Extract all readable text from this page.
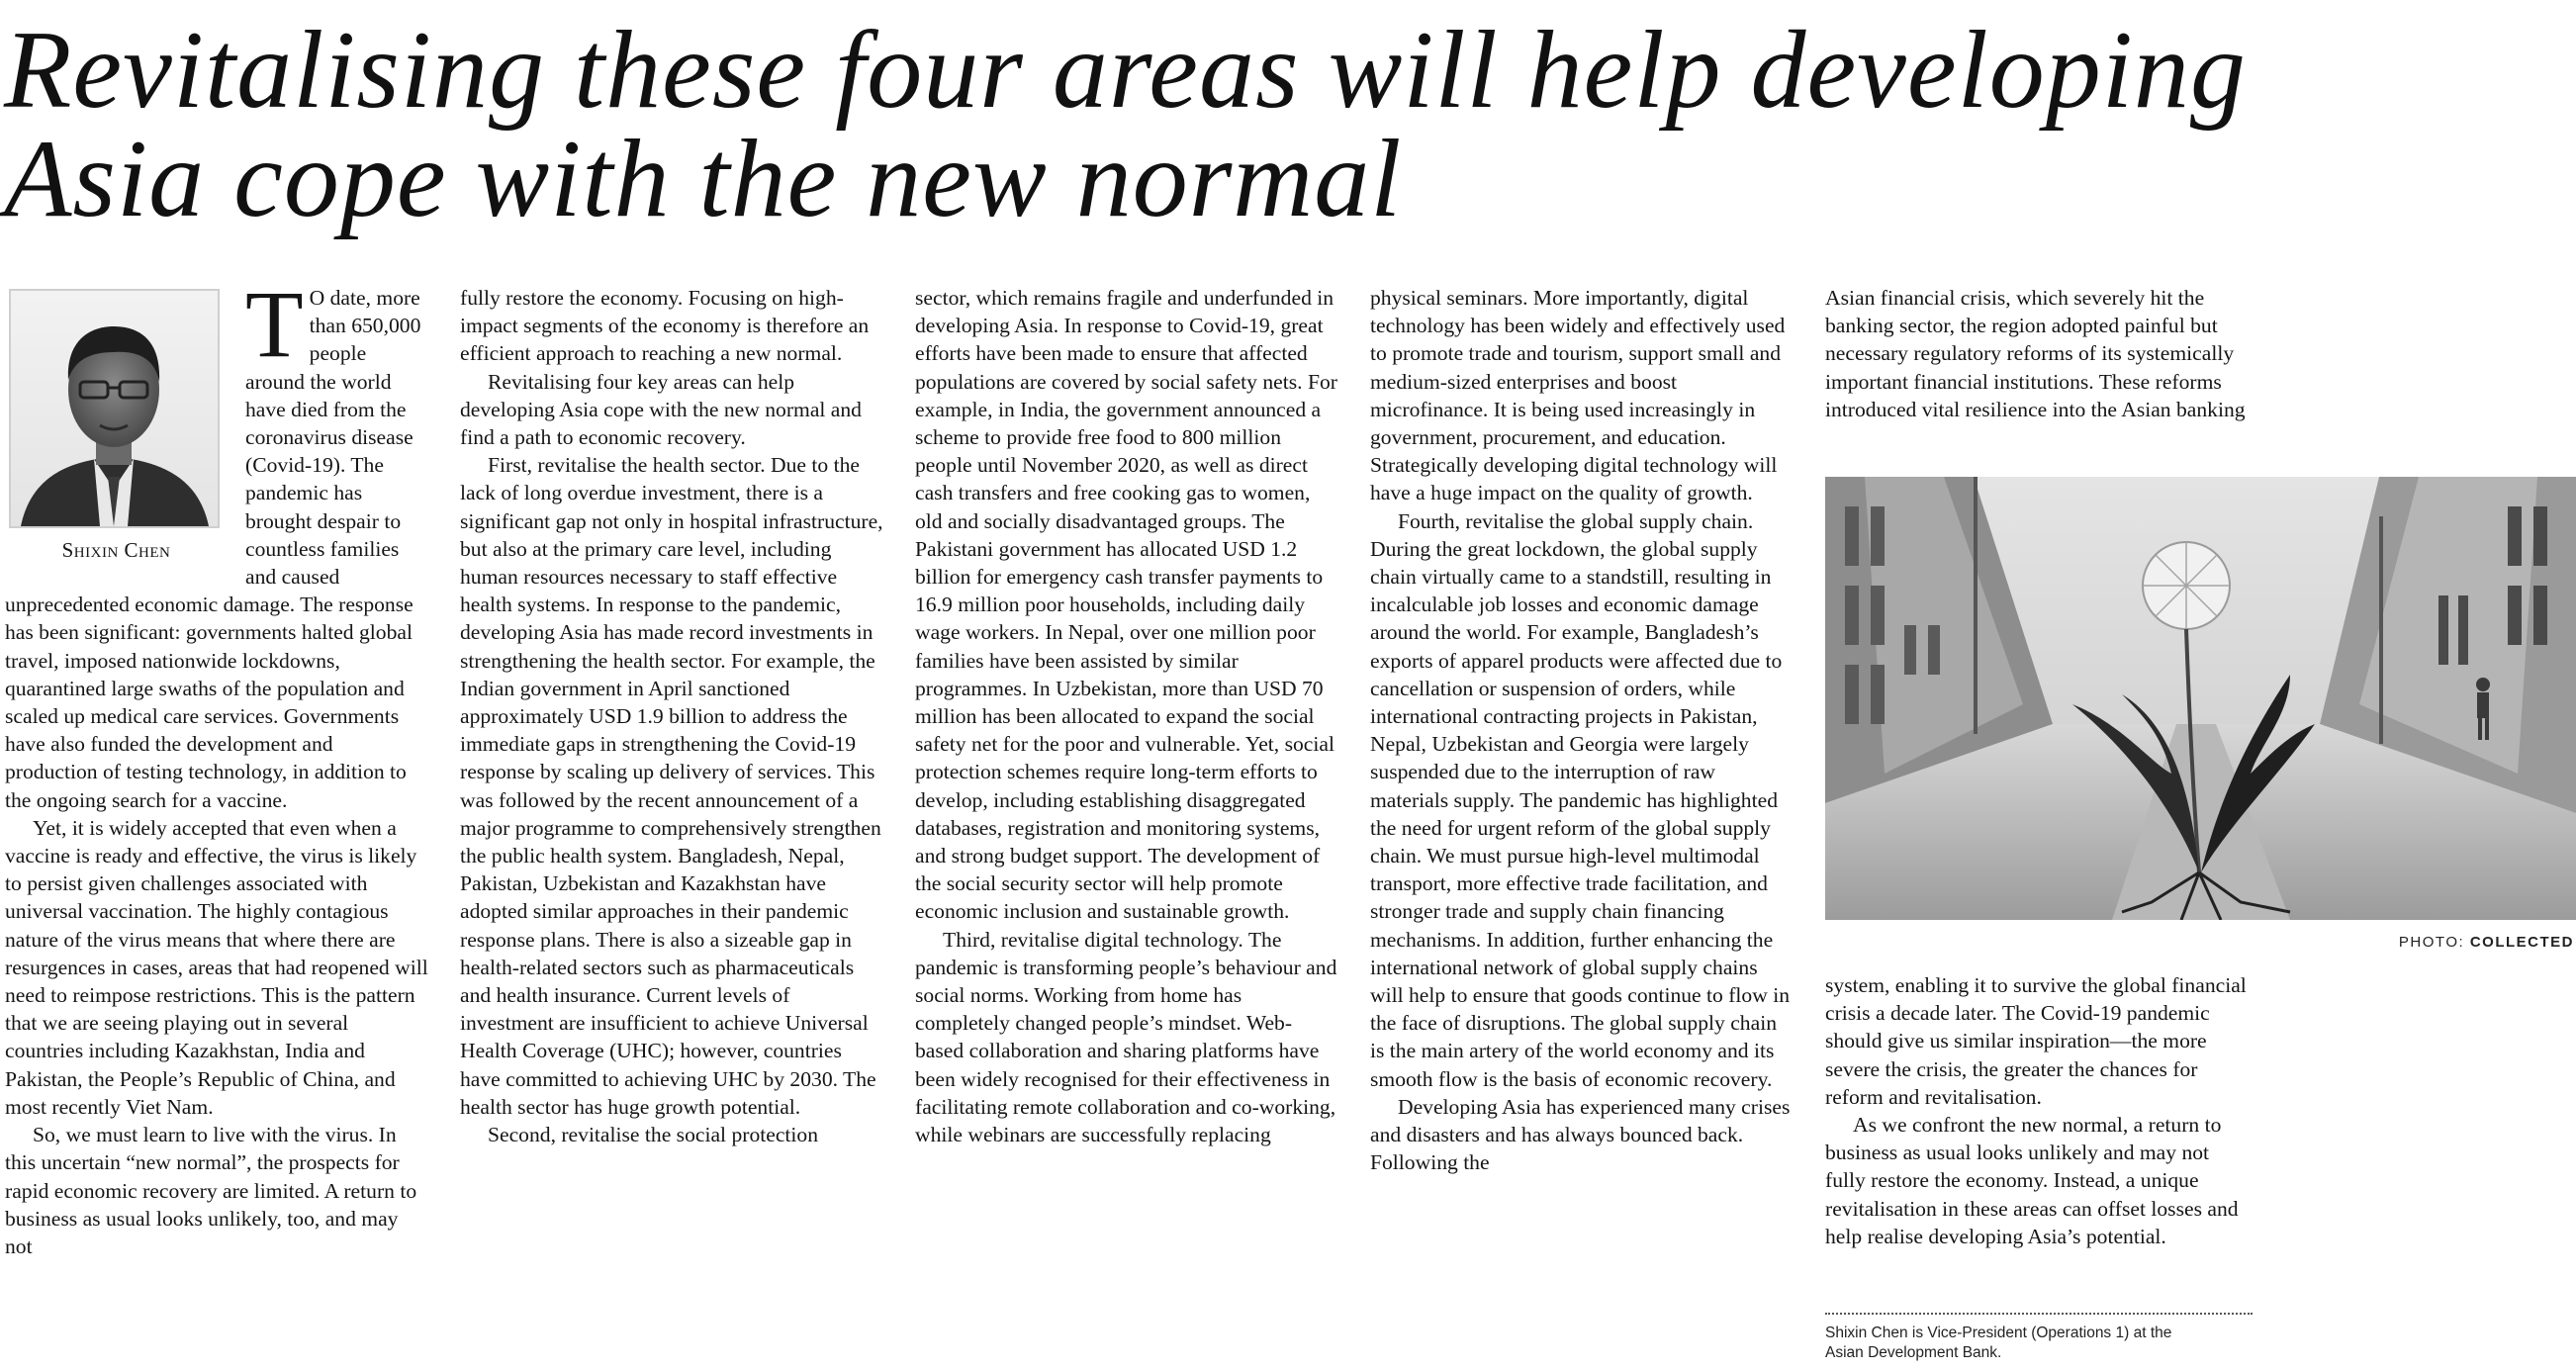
Revitalising these four areas will help developing
Asia cope with the new normal
Shixin Chen
T O date, more than 650,000 people around the world have died from the coronavirus disease (Covid-19). The pandemic has brought despair to countless families and caused unprecedented economic damage. The response has been significant: governments halted global travel, imposed nationwide lockdowns, quarantined large swaths of the population and scaled up medical care services. Governments have also funded the development and production of testing technology, in addition to the ongoing search for a vaccine.

Yet, it is widely accepted that even when a vaccine is ready and effective, the virus is likely to persist given challenges associated with universal vaccination. The highly contagious nature of the virus means that where there are resurgences in cases, areas that had reopened will need to reimpose restrictions. This is the pattern that we are seeing playing out in several countries including Kazakhstan, India and Pakistan, the People’s Republic of China, and most recently Viet Nam.

So, we must learn to live with the virus. In this uncertain “new normal”, the prospects for rapid economic recovery are limited. A return to business as usual looks unlikely, too, and may not

fully restore the economy. Focusing on high-impact segments of the economy is therefore an efficient approach to reaching a new normal.

Revitalising four key areas can help developing Asia cope with the new normal and find a path to economic recovery.

First, revitalise the health sector. Due to the lack of long overdue investment, there is a significant gap not only in hospital infrastructure, but also at the primary care level, including human resources necessary to staff effective health systems. In response to the pandemic, developing Asia has made record investments in strengthening the health sector. For example, the Indian government in April sanctioned approximately USD 1.9 billion to address the immediate gaps in strengthening the Covid-19 response by scaling up delivery of services. This was followed by the recent announcement of a major programme to comprehensively strengthen the public health system. Bangladesh, Nepal, Pakistan, Uzbekistan and Kazakhstan have adopted similar approaches in their pandemic response plans. There is also a sizeable gap in health-related sectors such as pharmaceuticals and health insurance. Current levels of investment are insufficient to achieve Universal Health Coverage (UHC); however, countries have committed to achieving UHC by 2030. The health sector has huge growth potential.

Second, revitalise the social protection

sector, which remains fragile and underfunded in developing Asia. In response to Covid-19, great efforts have been made to ensure that affected populations are covered by social safety nets. For example, in India, the government announced a scheme to provide free food to 800 million people until November 2020, as well as direct cash transfers and free cooking gas to women, old and socially disadvantaged groups. The Pakistani government has allocated USD 1.2 billion for emergency cash transfer payments to 16.9 million poor households, including daily wage workers. In Nepal, over one million poor families have been assisted by similar programmes. In Uzbekistan, more than USD 70 million has been allocated to expand the social safety net for the poor and vulnerable. Yet, social protection schemes require long-term efforts to develop, including establishing disaggregated databases, registration and monitoring systems, and strong budget support. The development of the social security sector will help promote economic inclusion and sustainable growth.

Third, revitalise digital technology. The pandemic is transforming people’s behaviour and social norms. Working from home has completely changed people’s mindset. Web-based collaboration and sharing platforms have been widely recognised for their effectiveness in facilitating remote collaboration and co-working, while webinars are successfully replacing

physical seminars. More importantly, digital technology has been widely and effectively used to promote trade and tourism, support small and medium-sized enterprises and boost microfinance. It is being used increasingly in government, procurement, and education. Strategically developing digital technology will have a huge impact on the quality of growth.

Fourth, revitalise the global supply chain. During the great lockdown, the global supply chain virtually came to a standstill, resulting in incalculable job losses and economic damage around the world. For example, Bangladesh’s exports of apparel products were affected due to cancellation or suspension of orders, while international contracting projects in Pakistan, Nepal, Uzbekistan and Georgia were largely suspended due to the interruption of raw materials supply. The pandemic has highlighted the need for urgent reform of the global supply chain. We must pursue high-level multimodal transport, more effective trade facilitation, and stronger trade and supply chain financing mechanisms. In addition, further enhancing the international network of global supply chains will help to ensure that goods continue to flow in the face of disruptions. The global supply chain is the main artery of the world economy and its smooth flow is the basis of economic recovery.

Developing Asia has experienced many crises and disasters and has always bounced back. Following the

Asian financial crisis, which severely hit the banking sector, the region adopted painful but necessary regulatory reforms of its systemically important financial institutions. These reforms introduced vital resilience into the Asian banking

PHOTO: COLLECTED

system, enabling it to survive the global financial crisis a decade later. The Covid-19 pandemic should give us similar inspiration—the more severe the crisis, the greater the chances for reform and revitalisation.

As we confront the new normal, a return to business as usual looks unlikely and may not fully restore the economy. Instead, a unique revitalisation in these areas can offset losses and help realise developing Asia’s potential.

Shixin Chen is Vice-President (Operations 1) at the
Asian Development Bank.
